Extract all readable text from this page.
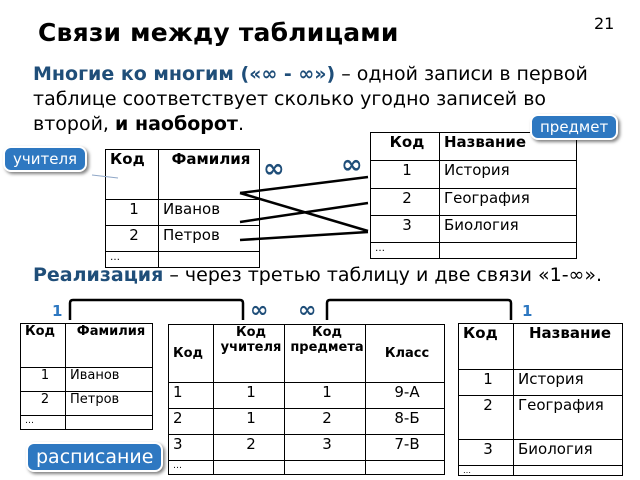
21
Связи между таблицами
Многие ко многим («∞ - ∞») – одной записи в первой таблице соответствует сколько угодно записей во второй, и наоборот.
Код	Фамилия
1	Иванов
2	Петров
…	
Код	Название
1	История
2	География
3	Биология
…	
∞ ∞
учителя
предмет
Реализация – через третью таблицу и две связи «1-∞».
1	∞ ∞	1
Код	Фамилия
1	Иванов
2	Петров
…	
Код	Код учителя	Код предмета	Класс
1	1	1	9-А
2	1	2	8-Б
3	2	3	7-В
…			
Код	Название
1	История
2	География
3	Биология
…	
расписание
